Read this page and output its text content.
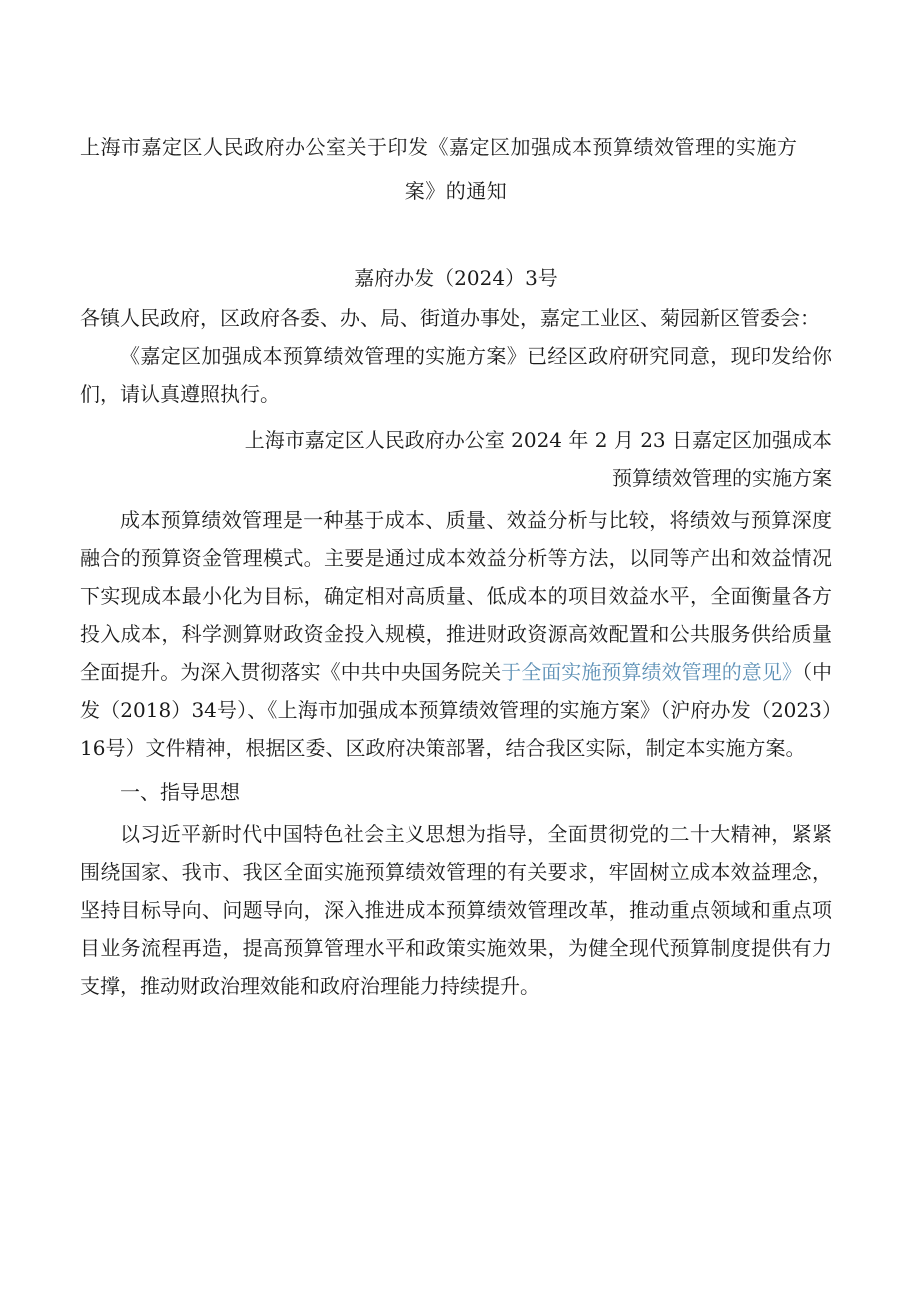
上海市嘉定区人民政府办公室关于印发《嘉定区加强成本预算绩效管理的实施方
案》的通知
嘉府办发（2024）3号

各镇人民政府，区政府各委、办、局、街道办事处，嘉定工业区、菊园新区管委会：

《嘉定区加强成本预算绩效管理的实施方案》已经区政府研究同意，现印发给你们，请认真遵照执行。

上海市嘉定区人民政府办公室 2024 年 2 月 23 日嘉定区加强成本

预算绩效管理的实施方案

成本预算绩效管理是一种基于成本、质量、效益分析与比较，将绩效与预算深度融合的预算资金管理模式。主要是通过成本效益分析等方法，以同等产出和效益情况下实现成本最小化为目标，确定相对高质量、低成本的项目效益水平，全面衡量各方投入成本，科学测算财政资金投入规模，推进财政资源高效配置和公共服务供给质量全面提升。为深入贯彻落实《中共中央国务院关于全面实施预算绩效管理的意见》（中发（2018）34号）、《上海市加强成本预算绩效管理的实施方案》（沪府办发（2023）16号）文件精神，根据区委、区政府决策部署，结合我区实际，制定本实施方案。

一、指导思想

以习近平新时代中国特色社会主义思想为指导，全面贯彻党的二十大精神，紧紧围绕国家、我市、我区全面实施预算绩效管理的有关要求，牢固树立成本效益理念，坚持目标导向、问题导向，深入推进成本预算绩效管理改革，推动重点领域和重点项目业务流程再造，提高预算管理水平和政策实施效果，为健全现代预算制度提供有力支撑，推动财政治理效能和政府治理能力持续提升。
